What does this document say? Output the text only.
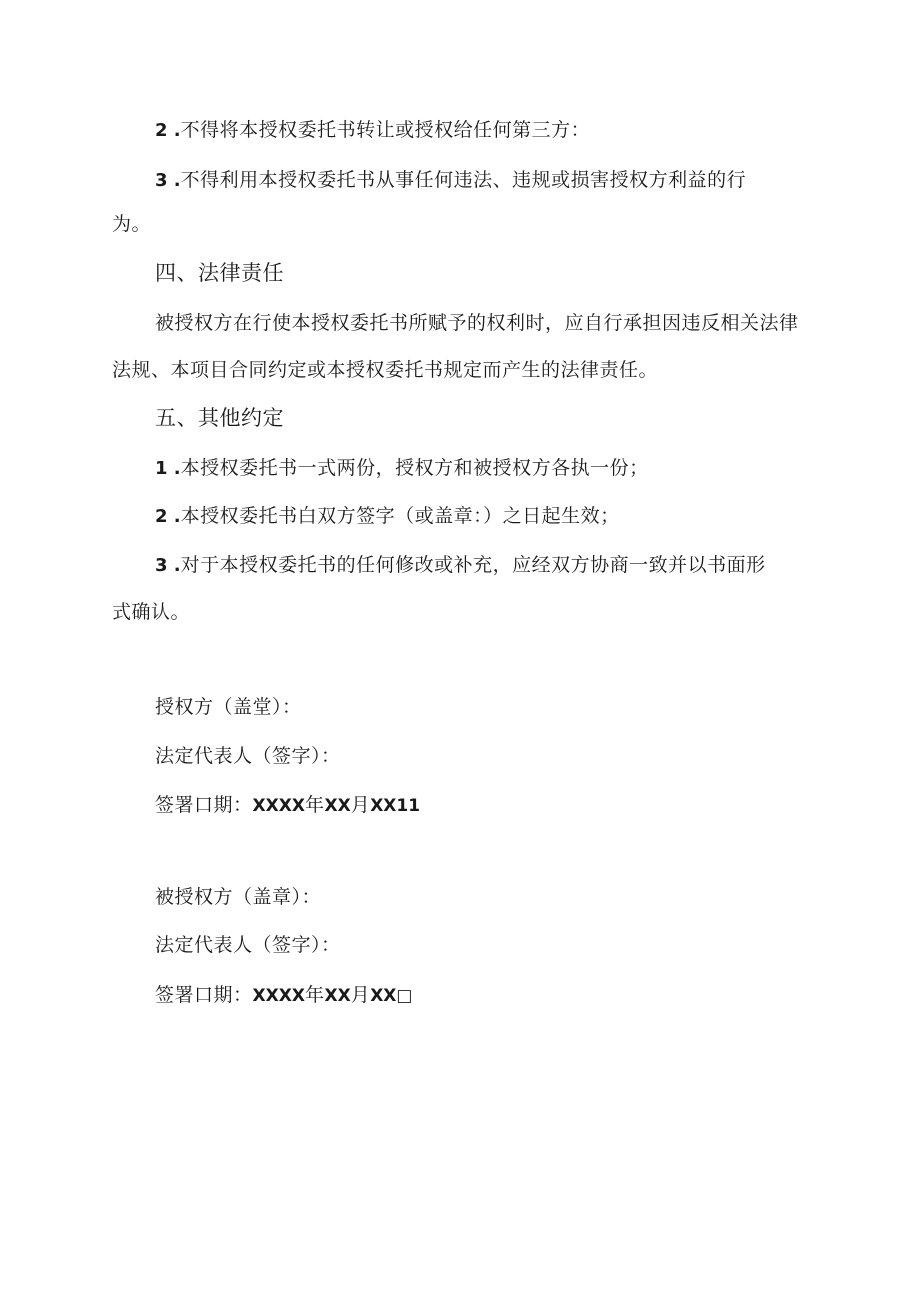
2 .不得将本授权委托书转让或授权给任何第三方：
3 .不得利用本授权委托书从事任何违法、违规或损害授权方利益的行
为。
四、法律责任
被授权方在行使本授权委托书所赋予的权利时，应自行承担因违反相关法律
法规、本项目合同约定或本授权委托书规定而产生的法律责任。
五、其他约定
1 .本授权委托书一式两份，授权方和被授权方各执一份；
2 .本授权委托书白双方签字（或盖章：）之日起生效；
3 .对于本授权委托书的任何修改或补充，应经双方协商一致并以书面形
式确认。
授权方（盖堂）：
法定代表人（签字）：
签署口期：XXXX年XX月XX11
被授权方（盖章）：
法定代表人（签字）：
签署口期：XXXX年XX月XX□
